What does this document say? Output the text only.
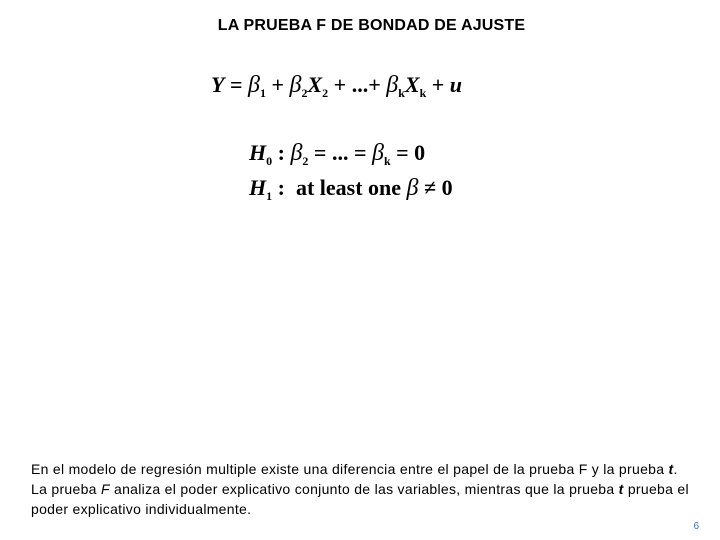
LA PRUEBA F DE BONDAD DE AJUSTE
$Y = \beta_1 + \beta_2X_2$ + ...+ $\beta_kX_k + u$
$H_0$ : $\beta_2$ = ... = $\beta_k = 0$
$H_1$ : at least one β ≠ 0
En el modelo de regresión multiple existe una diferencia entre el papel de la prueba F y la prueba t. La prueba F analiza el poder explicativo conjunto de las variables, mientras que la prueba t prueba el poder explicativo individualmente.
6
